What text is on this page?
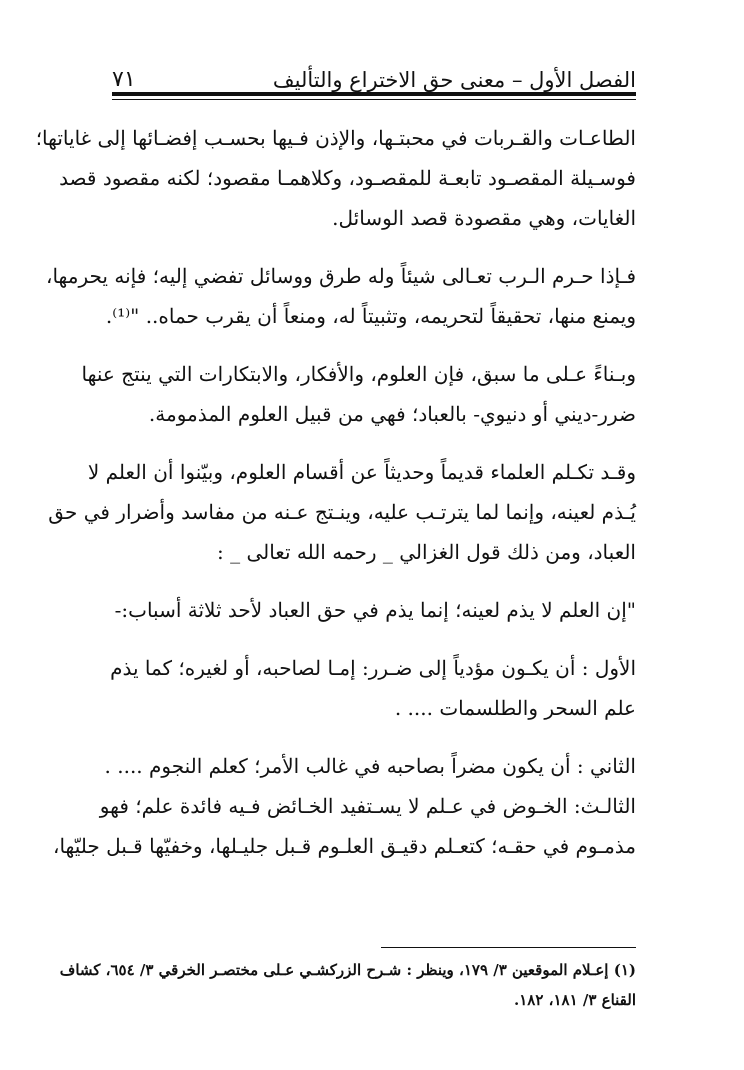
الفصل الأول – معنى حق الاختراع والتأليف
٧١
الطاعـات والقـربات في محبتـها، والإذن فـيها بحسـب إفضـائها إلى غاياتها؛
فوسـيلة المقصـود تابعـة للمقصـود، وكلاهمـا مقصود؛ لكنه مقصود قصد
الغايات، وهي مقصودة قصد الوسائل.
فـإذا حـرم الـرب تعـالى شيئاً وله طرق ووسائل تفضي إليه؛ فإنه يحرمها،
ويمنع منها، تحقيقاً لتحريمه، وتثبيتاً له، ومنعاً أن يقرب حماه.. "⁽¹⁾.
وبـناءً عـلى ما سبق، فإن العلوم، والأفكار، والابتكارات التي ينتج عنها
ضرر-ديني أو دنيوي- بالعباد؛ فهي من قبيل العلوم المذمومة.
وقـد تكـلم العلماء قديماً وحديثاً عن أقسام العلوم، وبيّنوا أن العلم لا
يُـذم لعينه، وإنما لما يترتـب عليه، وينـتج عـنه من مفاسد وأضرار في حق
العباد، ومن ذلك قول الغزالي _ رحمه الله تعالى _ :
"إن العلم لا يذم لعينه؛ إنما يذم في حق العباد لأحد ثلاثة أسباب:-
الأول : أن يكـون مؤدياً إلى ضـرر: إمـا لصاحبه، أو لغيره؛ كما يذم
علم السحر والطلسمات .... .
الثاني : أن يكون مضراً بصاحبه في غالب الأمر؛ كعلم النجوم .... .
الثالـث: الخـوض في عـلم لا يسـتفيد الخـائض فـيه فائدة علم؛ فهو
مذمـوم في حقـه؛ كتعـلم دقيـق العلـوم قـبل جليـلها، وخفيّها قـبل جليّها،
(١) إعـلام الموقعين ٣/ ١٧٩، وينظر : شـرح الزركشـي عـلى مختصـر الخرقي ٣/ ٦٥٤، كشاف
القناع ٣/ ١٨١، ١٨٢.
